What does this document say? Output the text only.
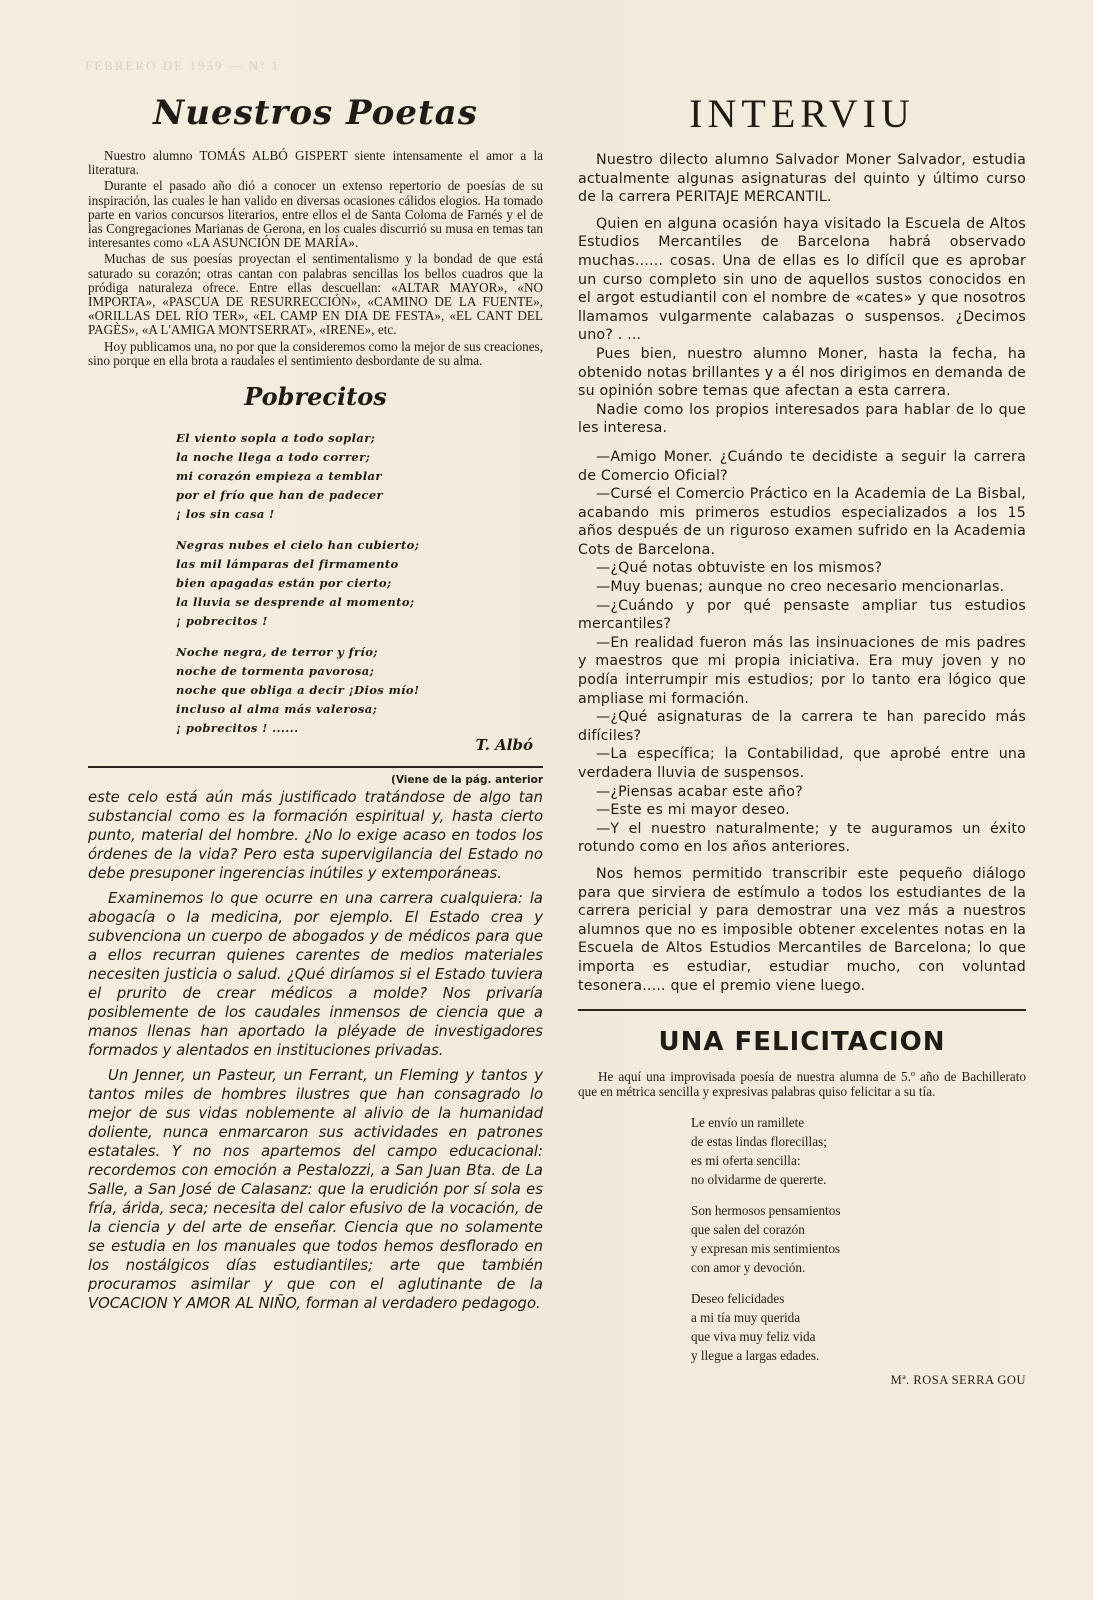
FEBRERO DE 1959 — Nº 1
Nuestros Poetas

Nuestro alumno TOMÁS ALBÓ GISPERT siente intensamente el amor a la literatura.

Durante el pasado año dió a conocer un extenso repertorio de poesías de su inspiración, las cuales le han valido en diversas ocasiones cálidos elogios. Ha tomado parte en varios concursos literarios, entre ellos el de Santa Coloma de Farnés y el de las Congregaciones Marianas de Gerona, en los cuales discurrió su musa en temas tan interesantes como «LA ASUNCIÓN DE MARÍA».

Muchas de sus poesías proyectan el sentimentalismo y la bondad de que está saturado su corazón; otras cantan con palabras sencillas los bellos cuadros que la pródiga naturaleza ofrece. Entre ellas descuellan: «ALTAR MAYOR», «NO IMPORTA», «PASCUA DE RESURRECCIÓN», «CAMINO DE LA FUENTE», «ORILLAS DEL RÍO TER», «EL CAMP EN DIA DE FESTA», «EL CANT DEL PAGÈS», «A L'AMIGA MONTSERRAT», «IRENE», etc.

Hoy publicamos una, no por que la consideremos como la mejor de sus creaciones, sino porque en ella brota a raudales el sentimiento desbordante de su alma.

Pobrecitos
El viento sopla a todo soplar;
la noche llega a todo correr;
mi corazón empieza a temblar
por el frío que han de padecer
¡ los sin casa !
Negras nubes el cielo han cubierto;
las mil lámparas del firmamento
bien apagadas están por cierto;
la lluvia se desprende al momento;
¡ pobrecitos !
Noche negra, de terror y frío;
noche de tormenta pavorosa;
noche que obliga a decir ¡Dios mío!
incluso al alma más valerosa;
¡ pobrecitos ! ......
T. Albó
(Viene de la pág. anterior

este celo está aún más justificado tratándose de algo tan substancial como es la formación espiritual y, hasta cierto punto, material del hombre. ¿No lo exige acaso en todos los órdenes de la vida? Pero esta supervigilancia del Estado no debe presuponer ingerencias inútiles y extemporáneas.

Examinemos lo que ocurre en una carrera cualquiera: la abogacía o la medicina, por ejemplo. El Estado crea y subvenciona un cuerpo de abogados y de médicos para que a ellos recurran quienes carentes de medios materiales necesiten justicia o salud. ¿Qué diríamos si el Estado tuviera el prurito de crear médicos a molde? Nos privaría posiblemente de los caudales inmensos de ciencia que a manos llenas han aportado la pléyade de investigadores formados y alentados en instituciones privadas.

Un Jenner, un Pasteur, un Ferrant, un Fleming y tantos y tantos miles de hombres ilustres que han consagrado lo mejor de sus vidas noblemente al alivio de la humanidad doliente, nunca enmarcaron sus actividades en patrones estatales. Y no nos apartemos del campo educacional: recordemos con emoción a Pestalozzi, a San Juan Bta. de La Salle, a San José de Calasanz: que la erudición por sí sola es fría, árida, seca; necesita del calor efusivo de la vocación, de la ciencia y del arte de enseñar. Ciencia que no solamente se estudia en los manuales que todos hemos desflorado en los nostálgicos días estudiantiles; arte que también procuramos asimilar y que con el aglutinante de la VOCACION Y AMOR AL NIÑO, forman al verdadero pedagogo.

INTERVIU

Nuestro dilecto alumno Salvador Moner Salvador, estudia actualmente algunas asignaturas del quinto y último curso de la carrera PERITAJE MERCANTIL.

Quien en alguna ocasión haya visitado la Escuela de Altos Estudios Mercantiles de Barcelona habrá observado muchas...... cosas. Una de ellas es lo difícil que es aprobar un curso completo sin uno de aquellos sustos conocidos en el argot estudiantil con el nombre de «cates» y que nosotros llamamos vulgarmente calabazas o suspensos. ¿Decimos uno? . ...

Pues bien, nuestro alumno Moner, hasta la fecha, ha obtenido notas brillantes y a él nos dirigimos en demanda de su opinión sobre temas que afectan a esta carrera.

Nadie como los propios interesados para hablar de lo que les interesa.

—Amigo Moner. ¿Cuándo te decidiste a seguir la carrera de Comercio Oficial?

—Cursé el Comercio Práctico en la Academia de La Bisbal, acabando mis primeros estudios especializados a los 15 años después de un riguroso examen sufrido en la Academia Cots de Barcelona.

—¿Qué notas obtuviste en los mismos?

—Muy buenas; aunque no creo necesario mencionarlas.

—¿Cuándo y por qué pensaste ampliar tus estudios mercantiles?

—En realidad fueron más las insinuaciones de mis padres y maestros que mi propia iniciativa. Era muy joven y no podía interrumpir mis estudios; por lo tanto era lógico que ampliase mi formación.

—¿Qué asignaturas de la carrera te han parecido más difíciles?

—La específica; la Contabilidad, que aprobé entre una verdadera lluvia de suspensos.

—¿Piensas acabar este año?

—Este es mi mayor deseo.

—Y el nuestro naturalmente; y te auguramos un éxito rotundo como en los años anteriores.

Nos hemos permitido transcribir este pequeño diálogo para que sirviera de estímulo a todos los estudiantes de la carrera pericial y para demostrar una vez más a nuestros alumnos que no es imposible obtener excelentes notas en la Escuela de Altos Estudios Mercantiles de Barcelona; lo que importa es estudiar, estudiar mucho, con voluntad tesonera..... que el premio viene luego.

UNA FELICITACION

He aquí una improvisada poesía de nuestra alumna de 5.º año de Bachillerato que en métrica sencilla y expresivas palabras quiso felicitar a su tía.

Le envío un ramillete
de estas lindas florecillas;
es mi oferta sencilla:
no olvidarme de quererte.
Son hermosos pensamientos
que salen del corazón
y expresan mis sentimientos
con amor y devoción.
Deseo felicidades
a mi tía muy querida
que viva muy feliz vida
y llegue a largas edades.
Mª. ROSA SERRA GOU
